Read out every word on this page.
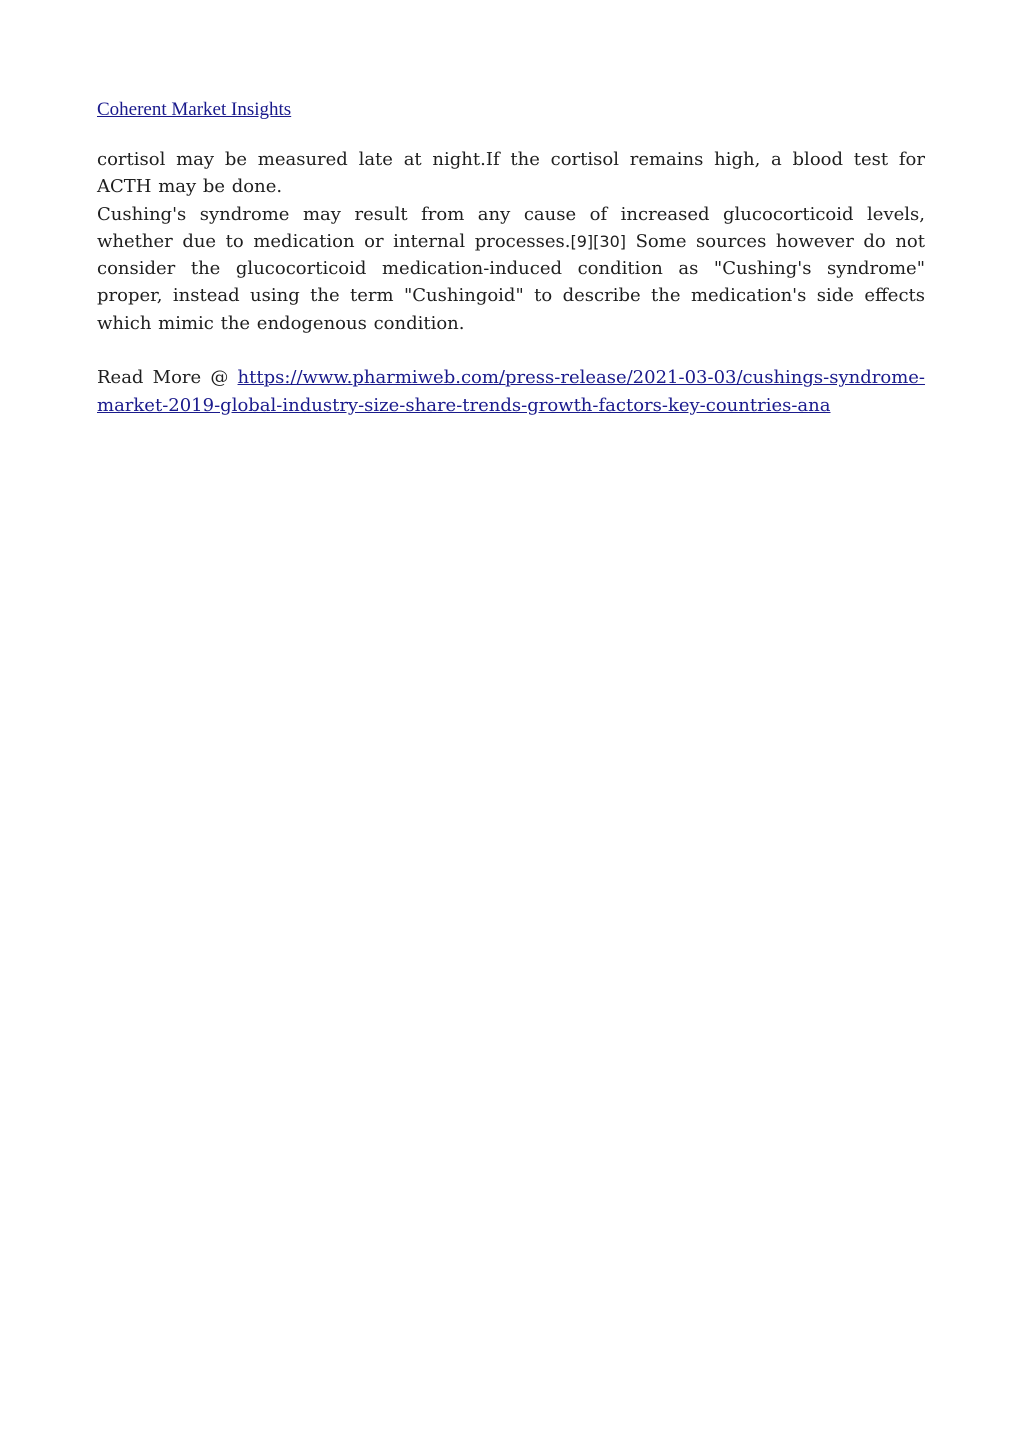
Coherent Market Insights

cortisol may be measured late at night.If the cortisol remains high, a blood test for ACTH may be done.

Cushing's syndrome may result from any cause of increased glucocorticoid levels, whether due to medication or internal processes.[9][30] Some sources however do not consider the glucocorticoid medication-induced condition as "Cushing's syndrome" proper, instead using the term "Cushingoid" to describe the medication's side effects which mimic the endogenous condition.

Read More @ https://www.pharmiweb.com/press-release/2021-03-03/cushings-syndrome-market-2019-global-industry-size-share-trends-growth-factors-key-countries-ana
